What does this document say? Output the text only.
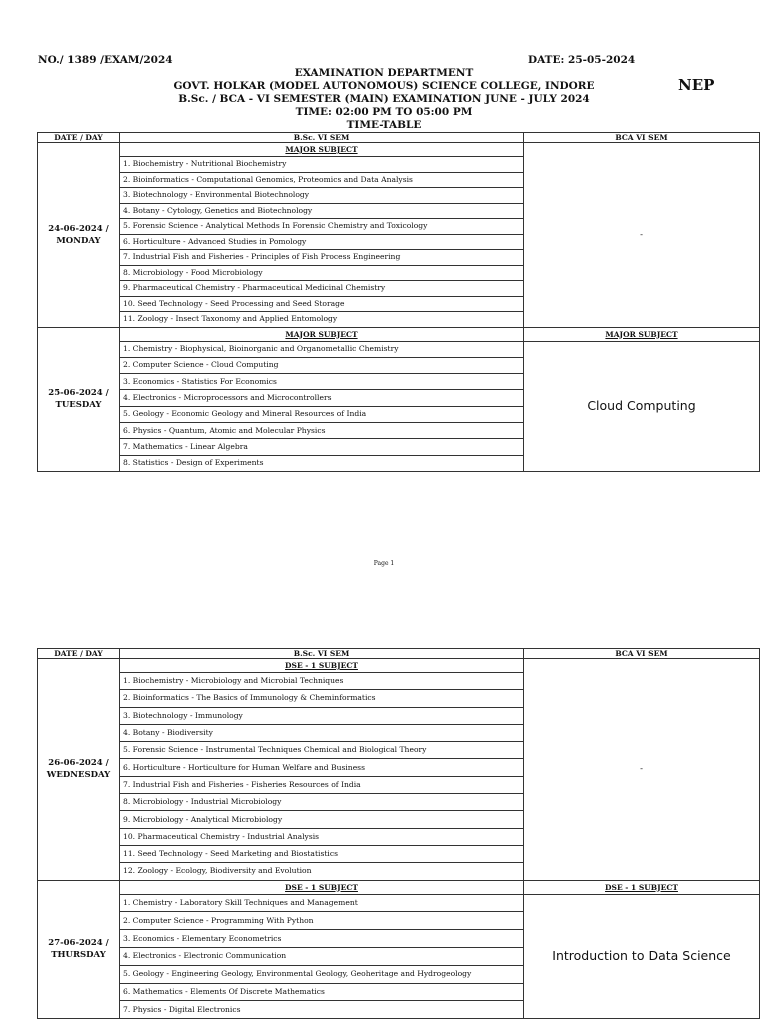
NO./ 1389 /EXAM/2024	DATE: 25-05-2024
NEP
EXAMINATION DEPARTMENT
GOVT. HOLKAR (MODEL AUTONOMOUS) SCIENCE COLLEGE, INDORE
B.Sc. / BCA - VI SEMESTER (MAIN) EXAMINATION JUNE - JULY 2024
TIME: 02:00 PM TO 05:00 PM
TIME-TABLE
DATE / DAY	B.Sc. VI SEM	BCA VI SEM
24-06-2024 /
MONDAY	MAJOR SUBJECT	-
	1. Biochemistry - Nutritional Biochemistry	
	2. Bioinformatics - Computational Genomics, Proteomics and Data Analysis	
	3. Biotechnology - Environmental Biotechnology	
	4. Botany - Cytology, Genetics and Biotechnology	
	5. Forensic Science - Analytical Methods In Forensic Chemistry and Toxicology	
	6. Horticulture - Advanced Studies in Pomology	
	7. Industrial Fish and Fisheries - Principles of Fish Process Engineering	
	8. Microbiology - Food Microbiology	
	9. Pharmaceutical Chemistry - Pharmaceutical Medicinal Chemistry	
	10. Seed Technology - Seed Processing and Seed Storage	
	11. Zoology - Insect Taxonomy and Applied Entomology	
25-06-2024 /
TUESDAY	MAJOR SUBJECT	MAJOR SUBJECT
	1. Chemistry - Biophysical, Bioinorganic and Organometallic Chemistry	Cloud Computing
	2. Computer Science - Cloud Computing	
	3. Economics - Statistics For Economics	
	4. Electronics - Microprocessors and Microcontrollers	
	5. Geology - Economic Geology and Mineral Resources of India	
	6. Physics - Quantum, Atomic and Molecular Physics	
	7. Mathematics - Linear Algebra	
	8. Statistics - Design of Experiments	
Page 1
DATE / DAY	B.Sc. VI SEM	BCA VI SEM
26-06-2024 /
WEDNESDAY	DSE - 1 SUBJECT	-
	1. Biochemistry - Microbiology and Microbial Techniques	
	2. Bioinformatics - The Basics of Immunology & Cheminformatics	
	3. Biotechnology - Immunology	
	4. Botany - Biodiversity	
	5. Forensic Science - Instrumental Techniques Chemical and Biological Theory	
	6. Horticulture - Horticulture for Human Welfare and Business	
	7. Industrial Fish and Fisheries - Fisheries Resources of India	
	8. Microbiology - Industrial Microbiology	
	9. Microbiology - Analytical Microbiology	
	10. Pharmaceutical Chemistry - Industrial Analysis	
	11. Seed Technology - Seed Marketing and Biostatistics	
	12. Zoology - Ecology, Biodiversity and Evolution	
27-06-2024 /
THURSDAY	DSE - 1 SUBJECT	DSE - 1 SUBJECT
	1. Chemistry - Laboratory Skill Techniques and Management	Introduction to Data Science
	2. Computer Science - Programming With Python	
	3. Economics - Elementary Econometrics	
	4. Electronics - Electronic Communication	
	5. Geology - Engineering Geology, Environmental Geology, Geoheritage and Hydrogeology	
	6. Mathematics - Elements Of Discrete Mathematics	
	7. Physics - Digital Electronics	
